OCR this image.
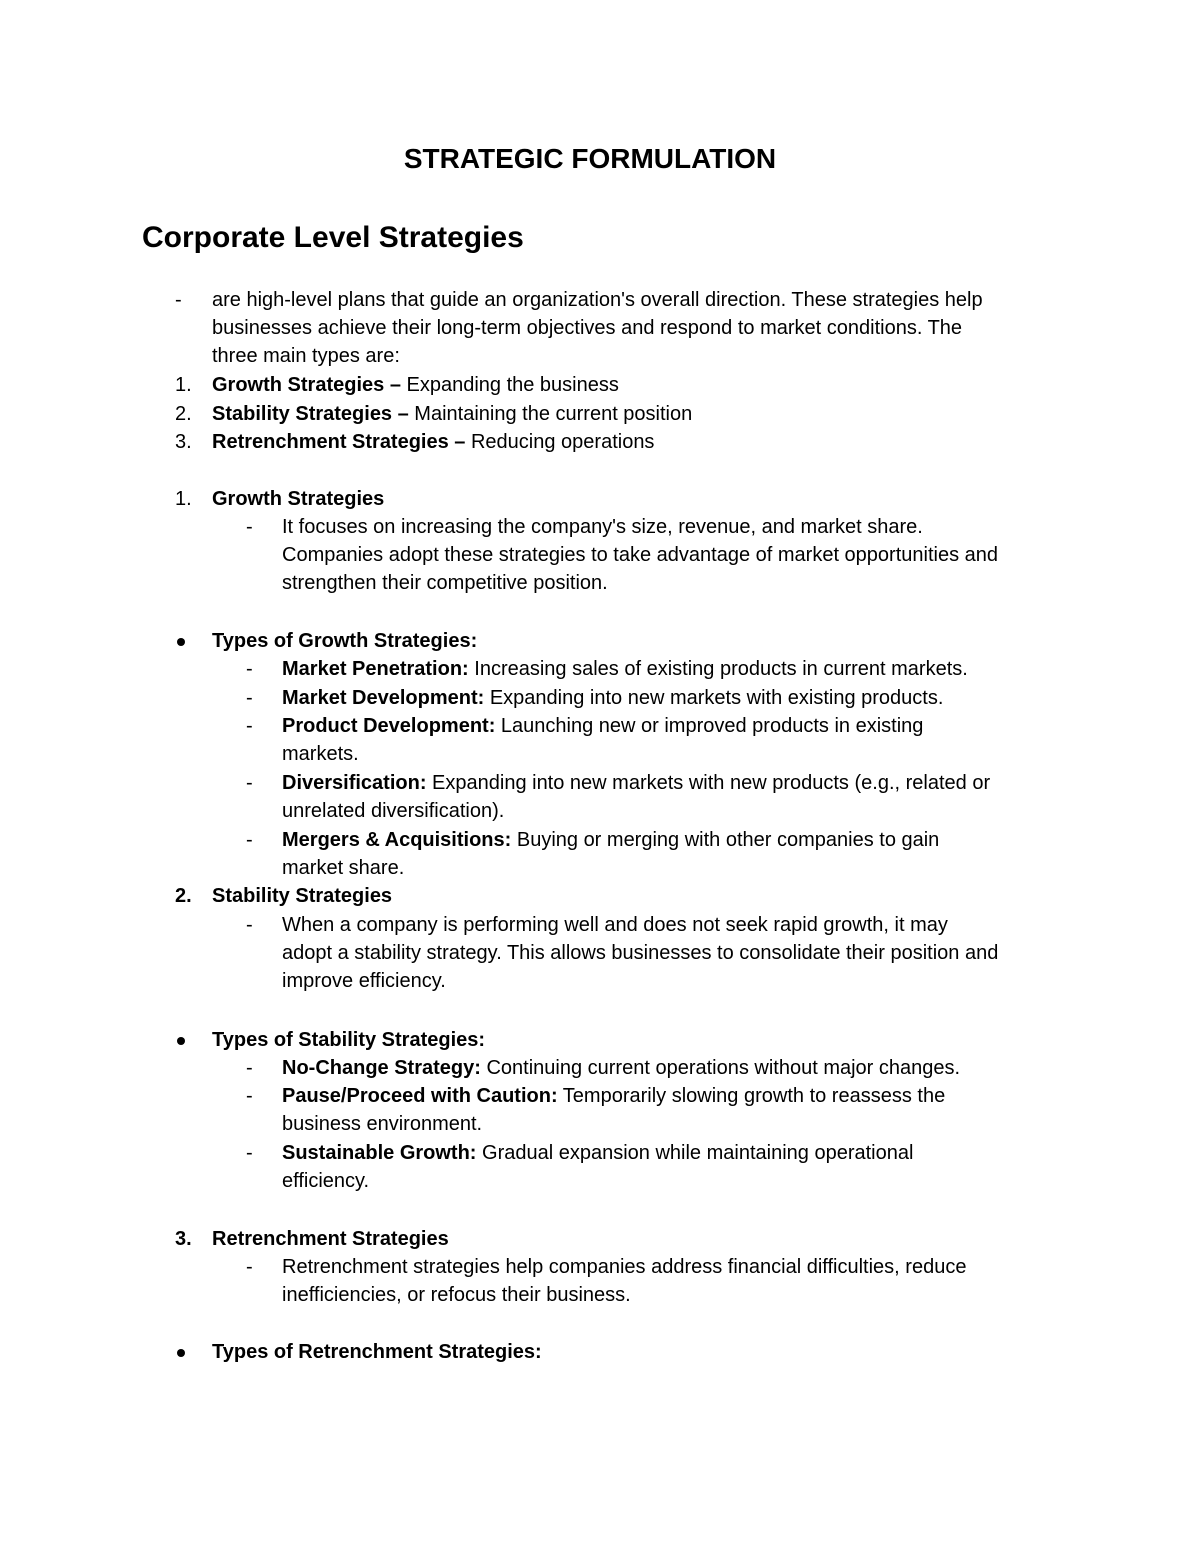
STRATEGIC FORMULATION
Corporate Level Strategies
- are high-level plans that guide an organization's overall direction. These strategies help
businesses achieve their long-term objectives and respond to market conditions. The
three main types are:
1. Growth Strategies – Expanding the business
2. Stability Strategies – Maintaining the current position
3. Retrenchment Strategies – Reducing operations
1. Growth Strategies
- It focuses on increasing the company's size, revenue, and market share.
Companies adopt these strategies to take advantage of market opportunities and
strengthen their competitive position.
Types of Growth Strategies:
- Market Penetration: Increasing sales of existing products in current markets.
- Market Development: Expanding into new markets with existing products.
- Product Development: Launching new or improved products in existing
markets.
- Diversification: Expanding into new markets with new products (e.g., related or
unrelated diversification).
- Mergers & Acquisitions: Buying or merging with other companies to gain
market share.
2. Stability Strategies
- When a company is performing well and does not seek rapid growth, it may
adopt a stability strategy. This allows businesses to consolidate their position and
improve efficiency.
Types of Stability Strategies:
- No-Change Strategy: Continuing current operations without major changes.
- Pause/Proceed with Caution: Temporarily slowing growth to reassess the
business environment.
- Sustainable Growth: Gradual expansion while maintaining operational
efficiency.
3. Retrenchment Strategies
- Retrenchment strategies help companies address financial difficulties, reduce
inefficiencies, or refocus their business.
Types of Retrenchment Strategies:
